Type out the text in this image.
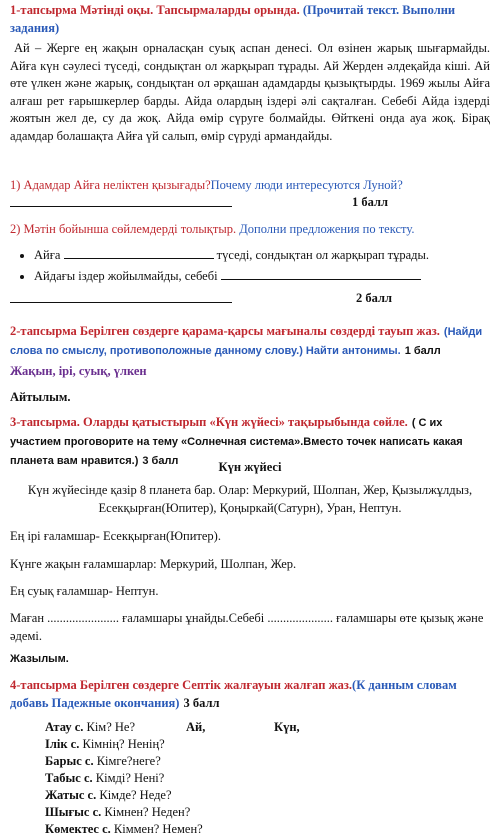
1-тапсырма Мәтінді оқы. Тапсырмаларды орында. (Прочитай текст. Выполни задания)
Ай – Жерге ең жақын орналасқан суық аспан денесі. Ол өзінен жарық шығармайды. Айға күн сәулесі түседі, сондықтан ол жарқырап тұрады. Ай Жерден әлдеқайда кіші. Ай өте үлкен және жарық, сондықтан ол әрқашан адамдарды қызықтырды. 1969 жылы Айға алғаш рет ғарышкерлер барды. Айда олардың іздері әлі сақталған. Себебі Айда іздерді жоятын жел де, су да жоқ. Айда өмір сүруге болмайды. Өйткені онда ауа жоқ. Бірақ адамдар болашақта Айға үй салып, өмір сүруді армандайды.
1) Адамдар Айға неліктен қызығады?Почему люди интересуются Луной?
1 балл
2) Мәтін бойынша сөйлемдерді толықтыр. Дополни предложения по тексту.
• Айға	түседі, сондықтан ол жарқырап тұрады.
• Айдағы іздер жойылмайды, себебі
2 балл
2-тапсырма Берілген сөздерге қарама-қарсы мағыналы сөздерді тауып жаз. (Найди слова по смыслу, противоположные данному слову.) Найти антонимы. 1 балл
Жақын, ірі, суық, үлкен
Айтылым.
3-тапсырма. Оларды қатыстырып «Күн жүйесі» тақырыбында сөйле. ( С их участием проговорите на тему «Солнечная система».Вместо точек написать какая планета вам нравится.) 3 балл	Күн жүйесі
Күн жүйесінде қазір 8 планета бар. Олар: Меркурий, Шолпан, Жер, Қызылжұлдыз, Есекқырған(Юпитер), Қоңыркай(Сатурн), Уран, Нептун.
Ең ірі ғаламшар- Есекқырған(Юпитер).
Күнге жақын ғаламшарлар: Меркурий, Шолпан, Жер.
Ең суық ғаламшар- Нептун.
Маған ....................... ғаламшары ұнайды.Себебі ..................... ғаламшары өте қызық және әдемі.
Жазылым.
4-тапсырма Берілген сөздерге Септік жалғауын жалғап жаз.(К данным словам добавь Падежные окончания) 3 балл
Ай,	Күн,
Атау с. Кім? Не?
Ілік с. Кімнің? Ненің?
Барыс с. Кімге?неге?
Табыс с. Кімді? Нені?
Жатыс с. Кімде? Неде?
Шығыс с. Кімнен? Неден?
Көмектес с. Кіммен? Немен?
